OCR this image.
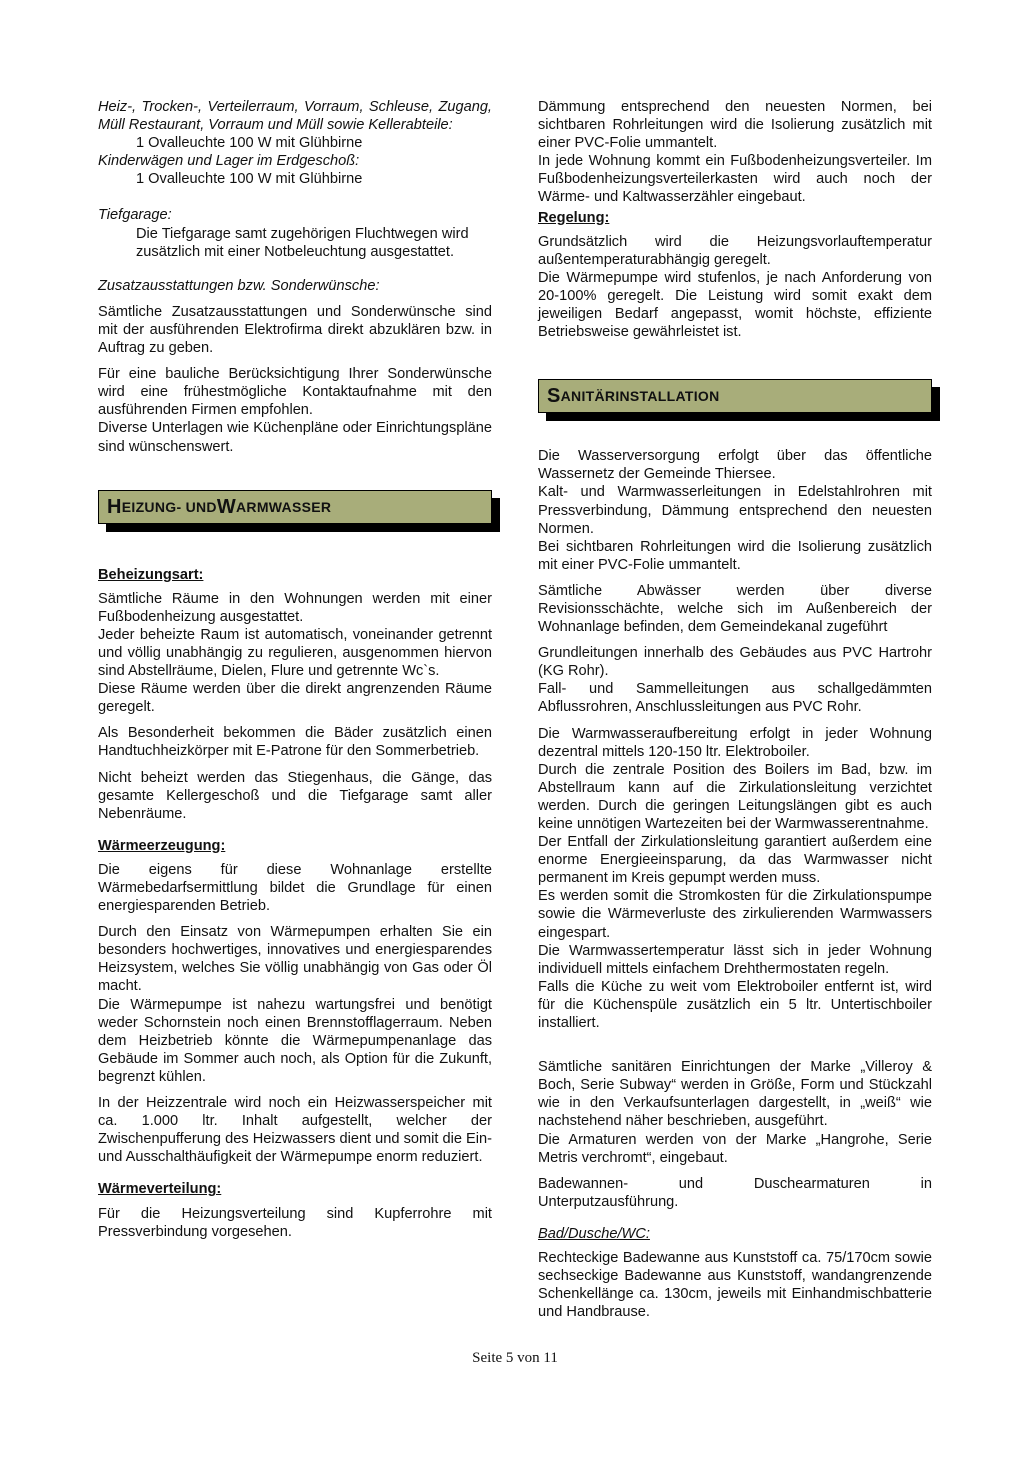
Heiz-, Trocken-, Verteilerraum, Vorraum, Schleuse, Zugang, Müll Restaurant, Vorraum und Müll sowie Kellerabteile:

1 Ovalleuchte 100 W mit Glühbirne

Kinderwägen und Lager im Erdgeschoß:

1 Ovalleuchte 100 W mit Glühbirne

Tiefgarage:

Die Tiefgarage samt zugehörigen Fluchtwegen wird zusätzlich mit einer Notbeleuchtung ausgestattet.

Zusatzausstattungen bzw. Sonderwünsche:

Sämtliche Zusatzausstattungen und Sonderwünsche sind mit der ausführenden Elektrofirma direkt abzuklären bzw. in Auftrag zu geben.

Für eine bauliche Berücksichtigung Ihrer Sonderwünsche wird eine frühestmögliche Kontaktaufnahme mit den ausführenden Firmen empfohlen.

Diverse Unterlagen wie Küchenpläne oder Einrichtungspläne sind wünschenswert.

H EIZUNG- UND W ARMWASSER

Beheizungsart:

Sämtliche Räume in den Wohnungen werden mit einer Fußbodenheizung ausgestattet.

Jeder beheizte Raum ist automatisch, voneinander getrennt und völlig unabhängig zu regulieren, ausgenommen hiervon sind Abstellräume, Dielen, Flure und getrennte Wc`s.

Diese Räume werden über die direkt angrenzenden Räume geregelt.

Als Besonderheit bekommen die Bäder zusätzlich einen Handtuchheizkörper mit E-Patrone für den Sommerbetrieb.

Nicht beheizt werden das Stiegenhaus, die Gänge, das gesamte Kellergeschoß und die Tiefgarage samt aller Nebenräume.

Wärmeerzeugung:

Die eigens für diese Wohnanlage erstellte Wärmebedarfsermittlung bildet die Grundlage für einen energiesparenden Betrieb.

Durch den Einsatz von Wärmepumpen erhalten Sie ein besonders hochwertiges, innovatives und energiesparendes Heizsystem, welches Sie völlig unabhängig von Gas oder Öl macht.

Die Wärmepumpe ist nahezu wartungsfrei und benötigt weder Schornstein noch einen Brennstofflagerraum. Neben dem Heizbetrieb könnte die Wärmepumpenanlage das Gebäude im Sommer auch noch, als Option für die Zukunft, begrenzt kühlen.

In der Heizzentrale wird noch ein Heizwasserspeicher mit ca. 1.000 ltr. Inhalt aufgestellt, welcher der Zwischenpufferung des Heizwassers dient und somit die Ein- und Ausschalthäufigkeit der Wärmepumpe enorm reduziert.

Wärmeverteilung:

Für die Heizungsverteilung sind Kupferrohre mit Pressverbindung vorgesehen.

Dämmung entsprechend den neuesten Normen, bei sichtbaren Rohrleitungen wird die Isolierung zusätzlich mit einer PVC-Folie ummantelt.

In jede Wohnung kommt ein Fußbodenheizungsverteiler. Im Fußbodenheizungsverteilerkasten wird auch noch der Wärme- und Kaltwasserzähler eingebaut.

Regelung:

Grundsätzlich wird die Heizungsvorlauftemperatur außentemperaturabhängig geregelt.

Die Wärmepumpe wird stufenlos, je nach Anforderung von 20-100% geregelt. Die Leistung wird somit exakt dem jeweiligen Bedarf angepasst, womit höchste, effiziente Betriebsweise gewährleistet ist.

S ANITÄRINSTALLATION

Die Wasserversorgung erfolgt über das öffentliche Wassernetz der Gemeinde Thiersee.

Kalt- und Warmwasserleitungen in Edelstahlrohren mit Pressverbindung, Dämmung entsprechend den neuesten Normen.

Bei sichtbaren Rohrleitungen wird die Isolierung zusätzlich mit einer PVC-Folie ummantelt.

Sämtliche Abwässer werden über diverse Revisionsschächte, welche sich im Außenbereich der Wohnanlage befinden, dem Gemeindekanal zugeführt

Grundleitungen innerhalb des Gebäudes aus PVC Hartrohr (KG Rohr).

Fall- und Sammelleitungen aus schallgedämmten Abflussrohren, Anschlussleitungen aus PVC Rohr.

Die Warmwasseraufbereitung erfolgt in jeder Wohnung dezentral mittels 120-150 ltr. Elektroboiler.

Durch die zentrale Position des Boilers im Bad, bzw. im Abstellraum kann auf die Zirkulationsleitung verzichtet werden. Durch die geringen Leitungslängen gibt es auch keine unnötigen Wartezeiten bei der Warmwasserentnahme.

Der Entfall der Zirkulationsleitung garantiert außerdem eine enorme Energieeinsparung, da das Warmwasser nicht permanent im Kreis gepumpt werden muss.

Es werden somit die Stromkosten für die Zirkulationspumpe sowie die Wärmeverluste des zirkulierenden Warmwassers eingespart.

Die Warmwassertemperatur lässt sich in jeder Wohnung individuell mittels einfachem Drehthermostaten regeln.

Falls die Küche zu weit vom Elektroboiler entfernt ist, wird für die Küchenspüle zusätzlich ein 5 ltr. Untertischboiler installiert.

Sämtliche sanitären Einrichtungen der Marke „Villeroy & Boch, Serie Subway“ werden in Größe, Form und Stückzahl wie in den Verkaufsunterlagen dargestellt, in „weiß“ wie nachstehend näher beschrieben, ausgeführt.

Die Armaturen werden von der Marke „Hangrohe, Serie Metris verchromt“, eingebaut.

Badewannen- und Duschearmaturen in Unterputzausführung.

Bad/Dusche/WC:

Rechteckige Badewanne aus Kunststoff ca. 75/170cm sowie sechseckige Badewanne aus Kunststoff, wandangrenzende Schenkellänge ca. 130cm, jeweils mit Einhandmischbatterie und Handbrause.

Seite 5 von 11
